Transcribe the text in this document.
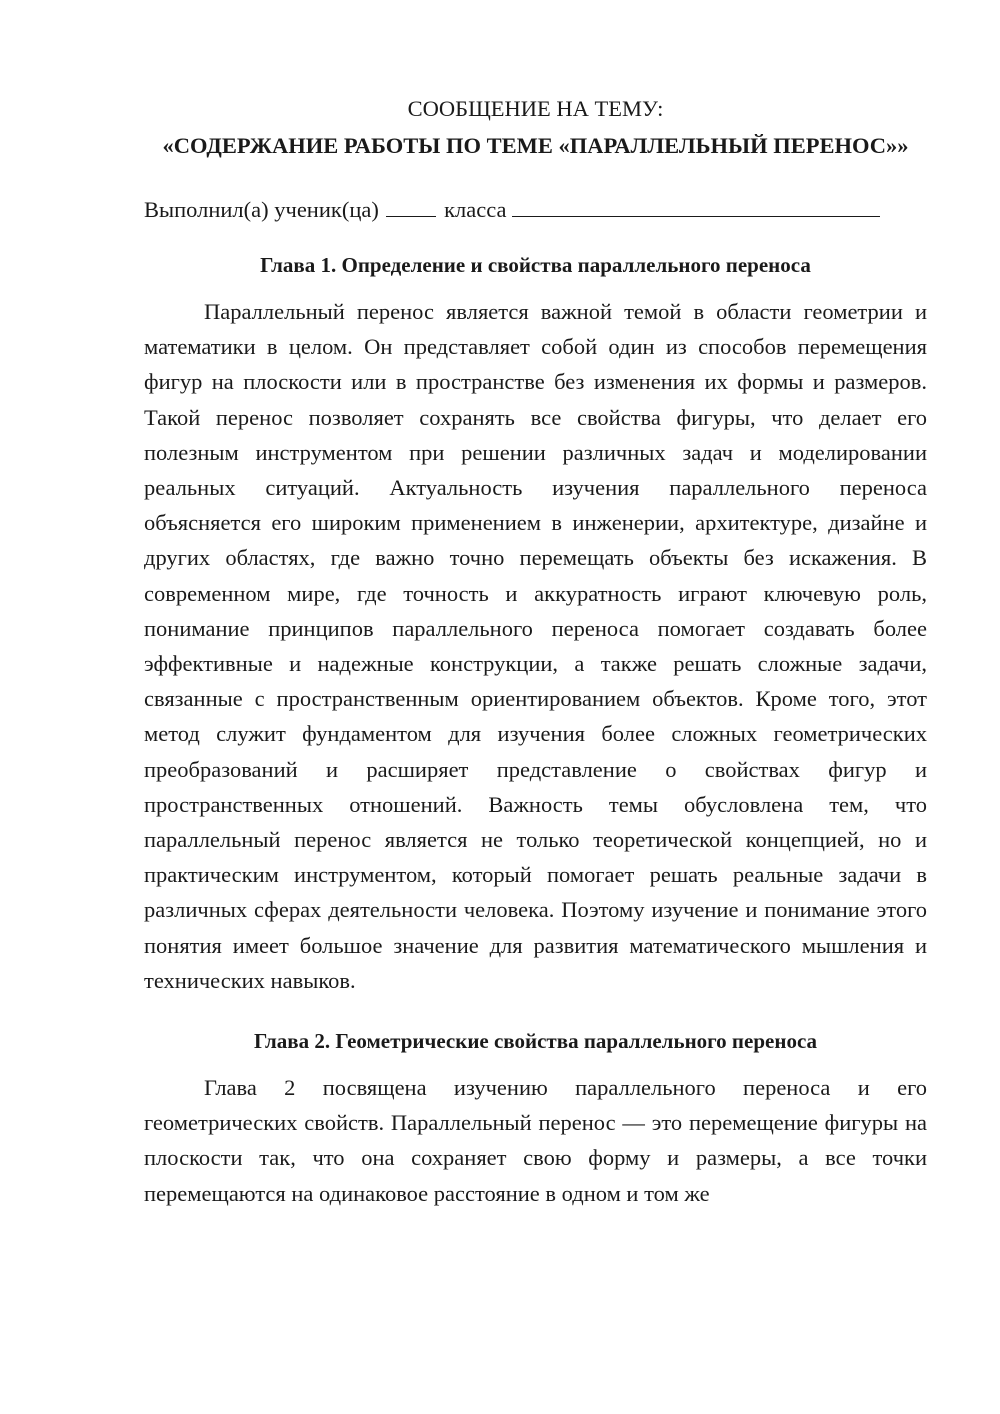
СООБЩЕНИЕ НА ТЕМУ:

«СОДЕРЖАНИЕ РАБОТЫ ПО ТЕМЕ «ПАРАЛЛЕЛЬНЫЙ ПЕРЕНОС»»

Выполнил(а) ученик(ца)	класса

Глава 1. Определение и свойства параллельного переноса

Параллельный перенос является важной темой в области геометрии и математики в целом. Он представляет собой один из способов перемещения фигур на плоскости или в пространстве без изменения их формы и размеров. Такой перенос позволяет сохранять все свойства фигуры, что делает его полезным инструментом при решении различных задач и моделировании реальных ситуаций. Актуальность изучения параллельного переноса объясняется его широким применением в инженерии, архитектуре, дизайне и других областях, где важно точно перемещать объекты без искажения. В современном мире, где точность и аккуратность играют ключевую роль, понимание принципов параллельного переноса помогает создавать более эффективные и надежные конструкции, а также решать сложные задачи, связанные с пространственным ориентированием объектов. Кроме того, этот метод служит фундаментом для изучения более сложных геометрических преобразований и расширяет представление о свойствах фигур и пространственных отношений. Важность темы обусловлена тем, что параллельный перенос является не только теоретической концепцией, но и практическим инструментом, который помогает решать реальные задачи в различных сферах деятельности человека. Поэтому изучение и понимание этого понятия имеет большое значение для развития математического мышления и технических навыков.

Глава 2. Геометрические свойства параллельного переноса

Глава 2 посвящена изучению параллельного переноса и его геометрических свойств. Параллельный перенос — это перемещение фигуры на плоскости так, что она сохраняет свою форму и размеры, а все точки перемещаются на одинаковое расстояние в одном и том же
